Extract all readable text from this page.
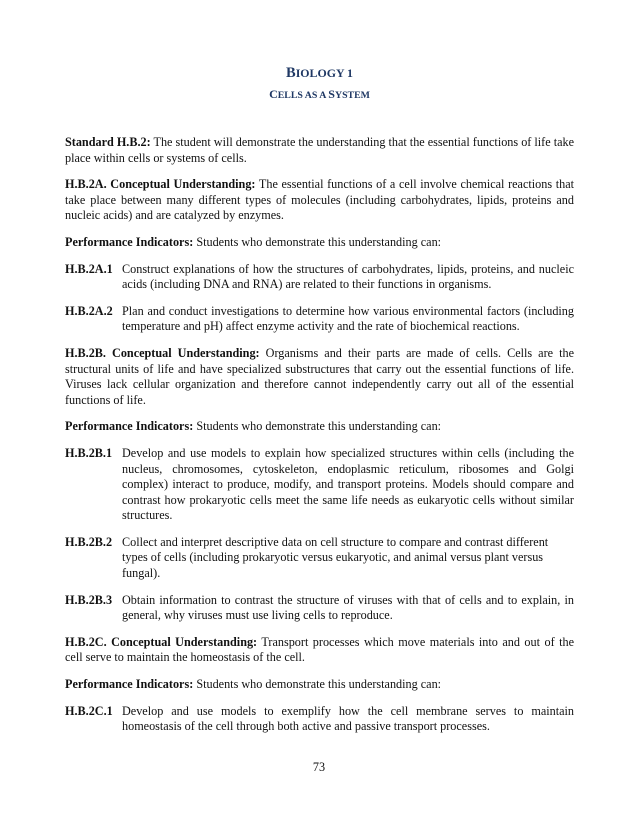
BIOLOGY 1

CELLS AS A SYSTEM

Standard H.B.2: The student will demonstrate the understanding that the essential functions of life take place within cells or systems of cells.

H.B.2A. Conceptual Understanding: The essential functions of a cell involve chemical reactions that take place between many different types of molecules (including carbohydrates, lipids, proteins and nucleic acids) and are catalyzed by enzymes.

Performance Indicators: Students who demonstrate this understanding can:

H.B.2A.1 Construct explanations of how the structures of carbohydrates, lipids, proteins, and nucleic acids (including DNA and RNA) are related to their functions in organisms.
H.B.2A.2 Plan and conduct investigations to determine how various environmental factors (including temperature and pH) affect enzyme activity and the rate of biochemical reactions.

H.B.2B. Conceptual Understanding: Organisms and their parts are made of cells. Cells are the structural units of life and have specialized substructures that carry out the essential functions of life. Viruses lack cellular organization and therefore cannot independently carry out all of the essential functions of life.

Performance Indicators: Students who demonstrate this understanding can:

H.B.2B.1 Develop and use models to explain how specialized structures within cells (including the nucleus, chromosomes, cytoskeleton, endoplasmic reticulum, ribosomes and Golgi complex) interact to produce, modify, and transport proteins. Models should compare and contrast how prokaryotic cells meet the same life needs as eukaryotic cells without similar structures.
H.B.2B.2 Collect and interpret descriptive data on cell structure to compare and contrast different types of cells (including prokaryotic versus eukaryotic, and animal versus plant versus fungal).
H.B.2B.3 Obtain information to contrast the structure of viruses with that of cells and to explain, in general, why viruses must use living cells to reproduce.

H.B.2C. Conceptual Understanding: Transport processes which move materials into and out of the cell serve to maintain the homeostasis of the cell.

Performance Indicators: Students who demonstrate this understanding can:

H.B.2C.1 Develop and use models to exemplify how the cell membrane serves to maintain homeostasis of the cell through both active and passive transport processes.
73
